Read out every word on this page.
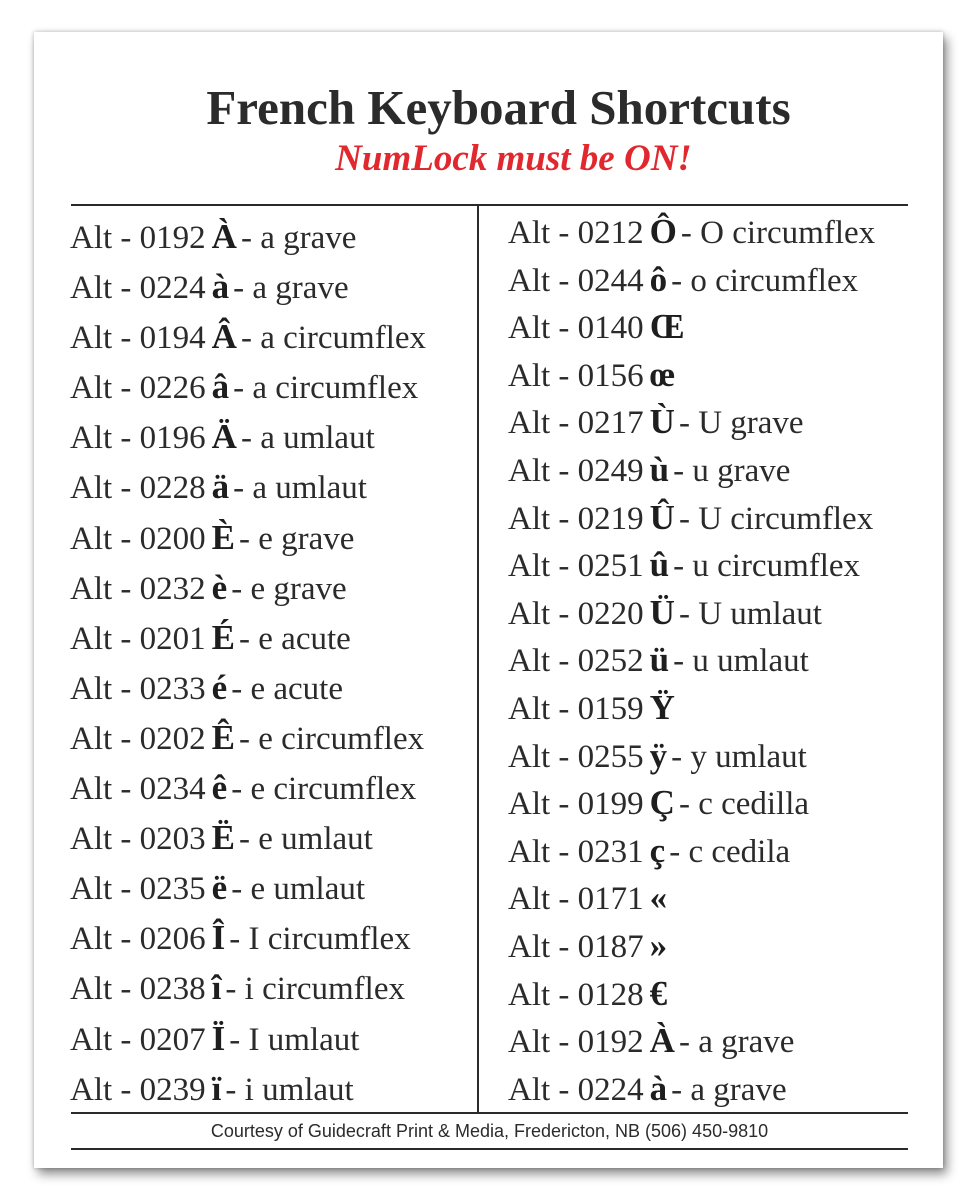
French Keyboard Shortcuts
NumLock must be ON!
Alt - 0192 À - a grave
Alt - 0224 à - a grave
Alt - 0194 Â - a circumflex
Alt - 0226 â - a circumflex
Alt - 0196 Ä - a umlaut
Alt - 0228 ä - a umlaut
Alt - 0200 È - e grave
Alt - 0232 è - e grave
Alt - 0201 É - e acute
Alt - 0233 é - e acute
Alt - 0202 Ê - e circumflex
Alt - 0234 ê - e circumflex
Alt - 0203 Ë - e umlaut
Alt - 0235 ë - e umlaut
Alt - 0206 Î - I circumflex
Alt - 0238 î - i circumflex
Alt - 0207 Ï - I umlaut
Alt - 0239 ï - i umlaut
Alt - 0212 Ô - O circumflex
Alt - 0244 ô - o circumflex
Alt - 0140 Œ
Alt - 0156 œ
Alt - 0217 Ù - U grave
Alt - 0249 ù - u grave
Alt - 0219 Û - U circumflex
Alt - 0251 û - u circumflex
Alt - 0220 Ü - U umlaut
Alt - 0252 ü - u umlaut
Alt - 0159 Ÿ
Alt - 0255 ÿ - y umlaut
Alt - 0199 Ç - c cedilla
Alt - 0231 ç - c cedila
Alt - 0171 «
Alt - 0187 »
Alt - 0128 €
Alt - 0192 À - a grave
Alt - 0224 à - a grave
Courtesy of Guidecraft Print & Media, Fredericton, NB (506) 450-9810
